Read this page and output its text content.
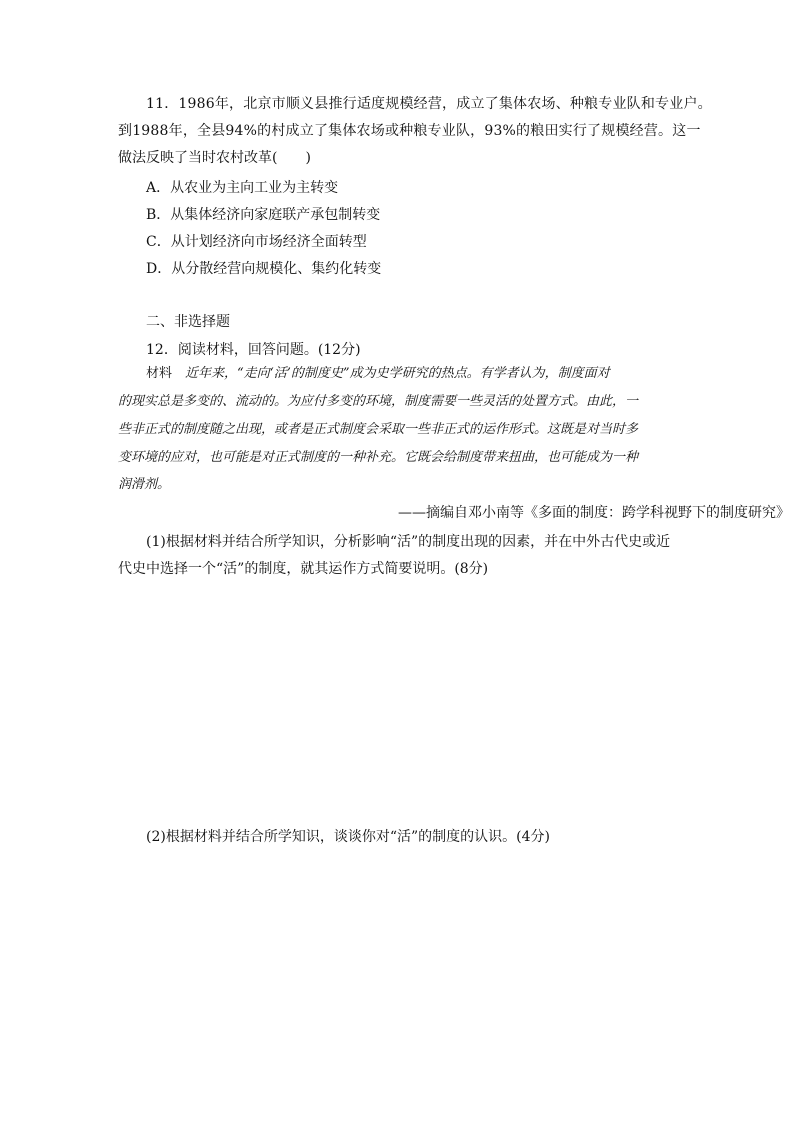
11．1986年，北京市顺义县推行适度规模经营，成立了集体农场、种粮专业队和专业户。
到1988年，全县94%的村成立了集体农场或种粮专业队，93%的粮田实行了规模经营。这一
做法反映了当时农村改革(　　)
A．从农业为主向工业为主转变
B．从集体经济向家庭联产承包制转变
C．从计划经济向市场经济全面转型
D．从分散经营向规模化、集约化转变
二、非选择题
12．阅读材料，回答问题。(12分)
材料　近年来，“走向‘活’的制度史”成为史学研究的热点。有学者认为，制度面对
的现实总是多变的、流动的。为应付多变的环境，制度需要一些灵活的处置方式。由此，一
些非正式的制度随之出现，或者是正式制度会采取一些非正式的运作形式。这既是对当时多
变环境的应对，也可能是对正式制度的一种补充。它既会给制度带来扭曲，也可能成为一种
润滑剂。
——摘编自邓小南等《多面的制度：跨学科视野下的制度研究》
(1)根据材料并结合所学知识，分析影响“活”的制度出现的因素，并在中外古代史或近
代史中选择一个“活”的制度，就其运作方式简要说明。(8分)
(2)根据材料并结合所学知识，谈谈你对“活”的制度的认识。(4分)
